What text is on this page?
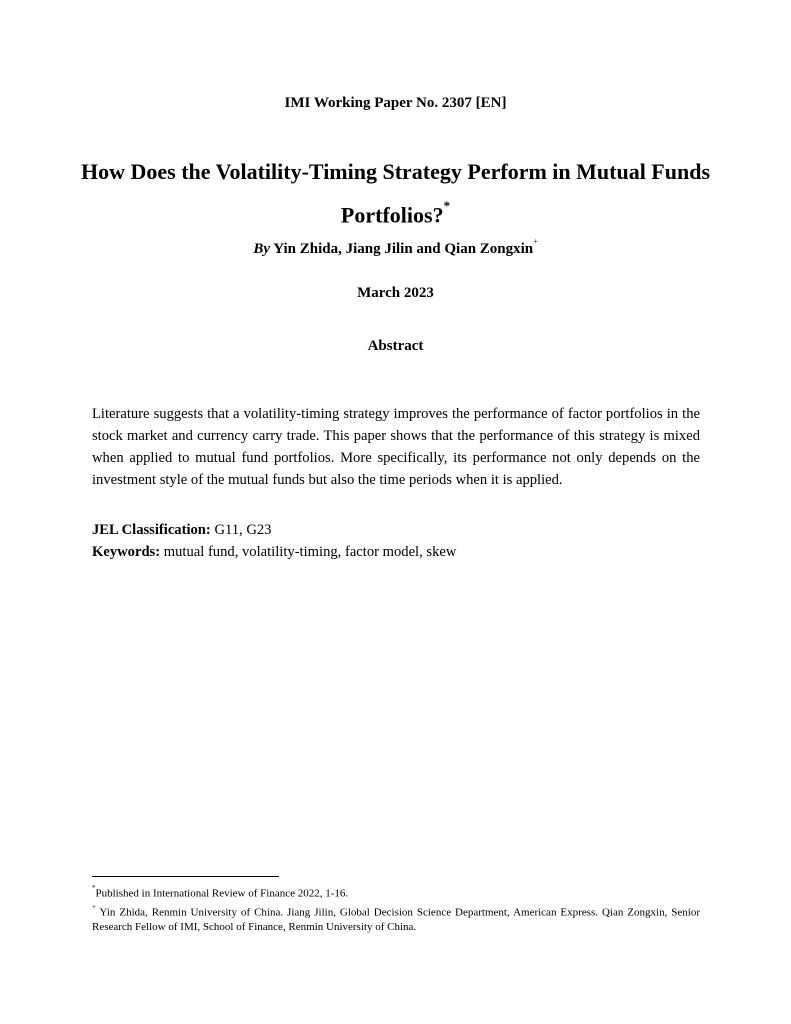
IMI Working Paper No. 2307 [EN]
How Does the Volatility-Timing Strategy Perform in Mutual Funds Portfolios?*
By Yin Zhida, Jiang Jilin and Qian Zongxin+
March 2023
Abstract
Literature suggests that a volatility-timing strategy improves the performance of factor portfolios in the stock market and currency carry trade. This paper shows that the performance of this strategy is mixed when applied to mutual fund portfolios. More specifically, its performance not only depends on the investment style of the mutual funds but also the time periods when it is applied.
JEL Classification: G11, G23
Keywords: mutual fund, volatility-timing, factor model, skew
*Published in International Review of Finance 2022, 1-16.
+ Yin Zhida, Renmin University of China. Jiang Jilin, Global Decision Science Department, American Express. Qian Zongxin, Senior Research Fellow of IMI, School of Finance, Renmin University of China.
